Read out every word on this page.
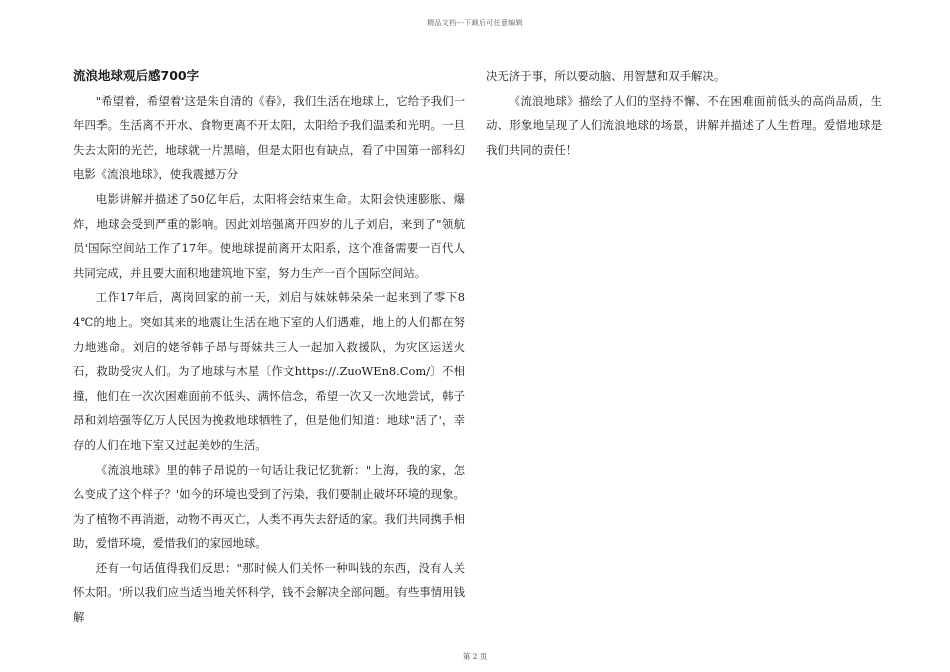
精品文档---下载后可任意编辑
流浪地球观后感700字

"希望着，希望着'这是朱自清的《春》，我们生活在地球上，它给予我们一年四季。生活离不开水、食物更离不开太阳，太阳给予我们温柔和光明。一旦失去太阳的光芒，地球就一片黑暗，但是太阳也有缺点，看了中国第一部科幻电影《流浪地球》，使我震撼万分

电影讲解并描述了50亿年后，太阳将会结束生命。太阳会快速膨胀、爆炸，地球会受到严重的影响。因此刘培强离开四岁的儿子刘启，来到了"领航员'国际空间站工作了17年。使地球提前离开太阳系，这个准备需要一百代人共同完成，并且要大面积地建筑地下室，努力生产一百个国际空间站。

工作17年后，离岗回家的前一天，刘启与妹妹韩朵朵一起来到了零下84℃的地上。突如其来的地震让生活在地下室的人们遇难，地上的人们都在努力地逃命。刘启的姥爷韩子昂与哥妹共三人一起加入救援队，为灾区运送火石，救助受灾人们。为了地球与木星〔作文https://.ZuoWEn8.Com/〕不相撞，他们在一次次困难面前不低头、满怀信念，希望一次又一次地尝试，韩子昂和刘培强等亿万人民因为挽救地球牺牲了，但是他们知道：地球"活了'，幸存的人们在地下室又过起美妙的生活。

《流浪地球》里的韩子昂说的一句话让我记忆犹新："上海，我的家，怎么变成了这个样子？'如今的环境也受到了污染，我们要制止破坏环境的现象。为了植物不再消逝，动物不再灭亡，人类不再失去舒适的家。我们共同携手相助，爱惜环境，爱惜我们的家园地球。

还有一句话值得我们反思："那时候人们关怀一种叫钱的东西，没有人关怀太阳。'所以我们应当适当地关怀科学，钱不会解决全部问题。有些事情用钱解

决无济于事，所以要动脑、用智慧和双手解决。

《流浪地球》描绘了人们的坚持不懈、不在困难面前低头的高尚品质，生动、形象地呈现了人们流浪地球的场景，讲解并描述了人生哲理。爱惜地球是我们共同的责任！

第 2 页
